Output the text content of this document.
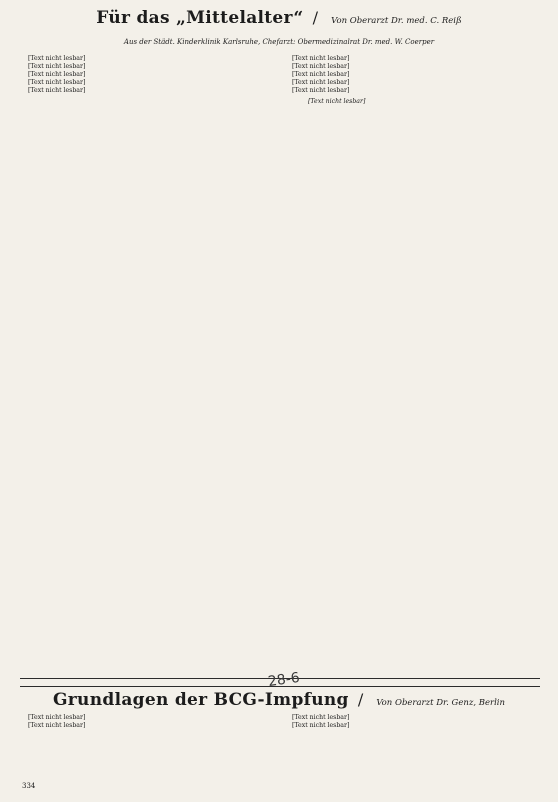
Für das „Mittelalter“ / Von Oberarzt Dr. med. C. Reiß
Aus der Städt. Kinderklinik Karlsruhe, Chefarzt: Obermedizinalrat Dr. med. W. Coerper

[Text nicht lesbar]

[Text nicht lesbar]

[Text nicht lesbar]

[Text nicht lesbar]

[Text nicht lesbar]

[Text nicht lesbar]

[Text nicht lesbar]

[Text nicht lesbar]

[Text nicht lesbar]

[Text nicht lesbar]

[Text nicht lesbar]
28-6
Grundlagen der BCG-Impfung / Von Oberarzt Dr. Genz, Berlin

[Text nicht lesbar]

[Text nicht lesbar]

[Text nicht lesbar]

[Text nicht lesbar]

334
